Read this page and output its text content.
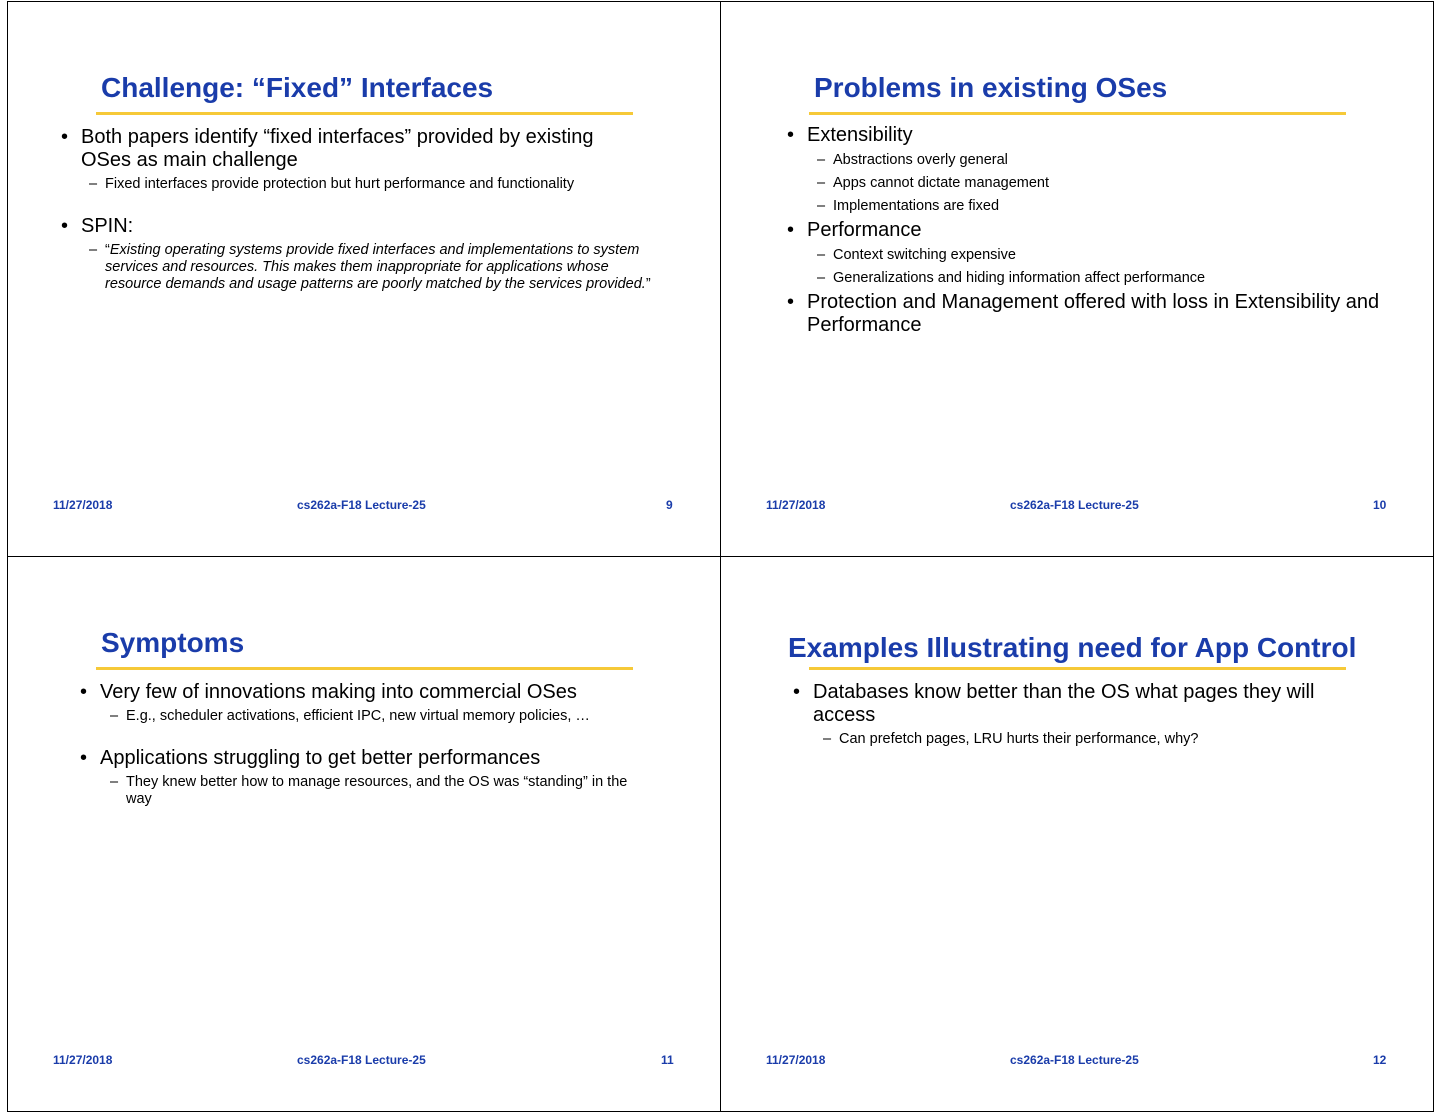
Challenge: “Fixed” Interfaces
• Both papers identify “fixed interfaces” provided by existing OSes as main challenge
– Fixed interfaces provide protection but hurt performance and functionality
• SPIN:
– “Existing operating systems provide fixed interfaces and implementations to system services and resources. This makes them inappropriate for applications whose resource demands and usage patterns are poorly matched by the services provided.”
11/27/2018	cs262a-F18 Lecture-25	9
Problems in existing OSes
• Extensibility
– Abstractions overly general
– Apps cannot dictate management
– Implementations are fixed
• Performance
– Context switching expensive
– Generalizations and hiding information affect performance
• Protection and Management offered with loss in Extensibility and Performance
11/27/2018	cs262a-F18 Lecture-25	10
Symptoms
• Very few of innovations making into commercial OSes
– E.g., scheduler activations, efficient IPC, new virtual memory policies, …
• Applications struggling to get better performances
– They knew better how to manage resources, and the OS was “standing” in the way
11/27/2018	cs262a-F18 Lecture-25	11
Examples Illustrating need for App Control
• Databases know better than the OS what pages they will access
– Can prefetch pages, LRU hurts their performance, why?
11/27/2018	cs262a-F18 Lecture-25	12
